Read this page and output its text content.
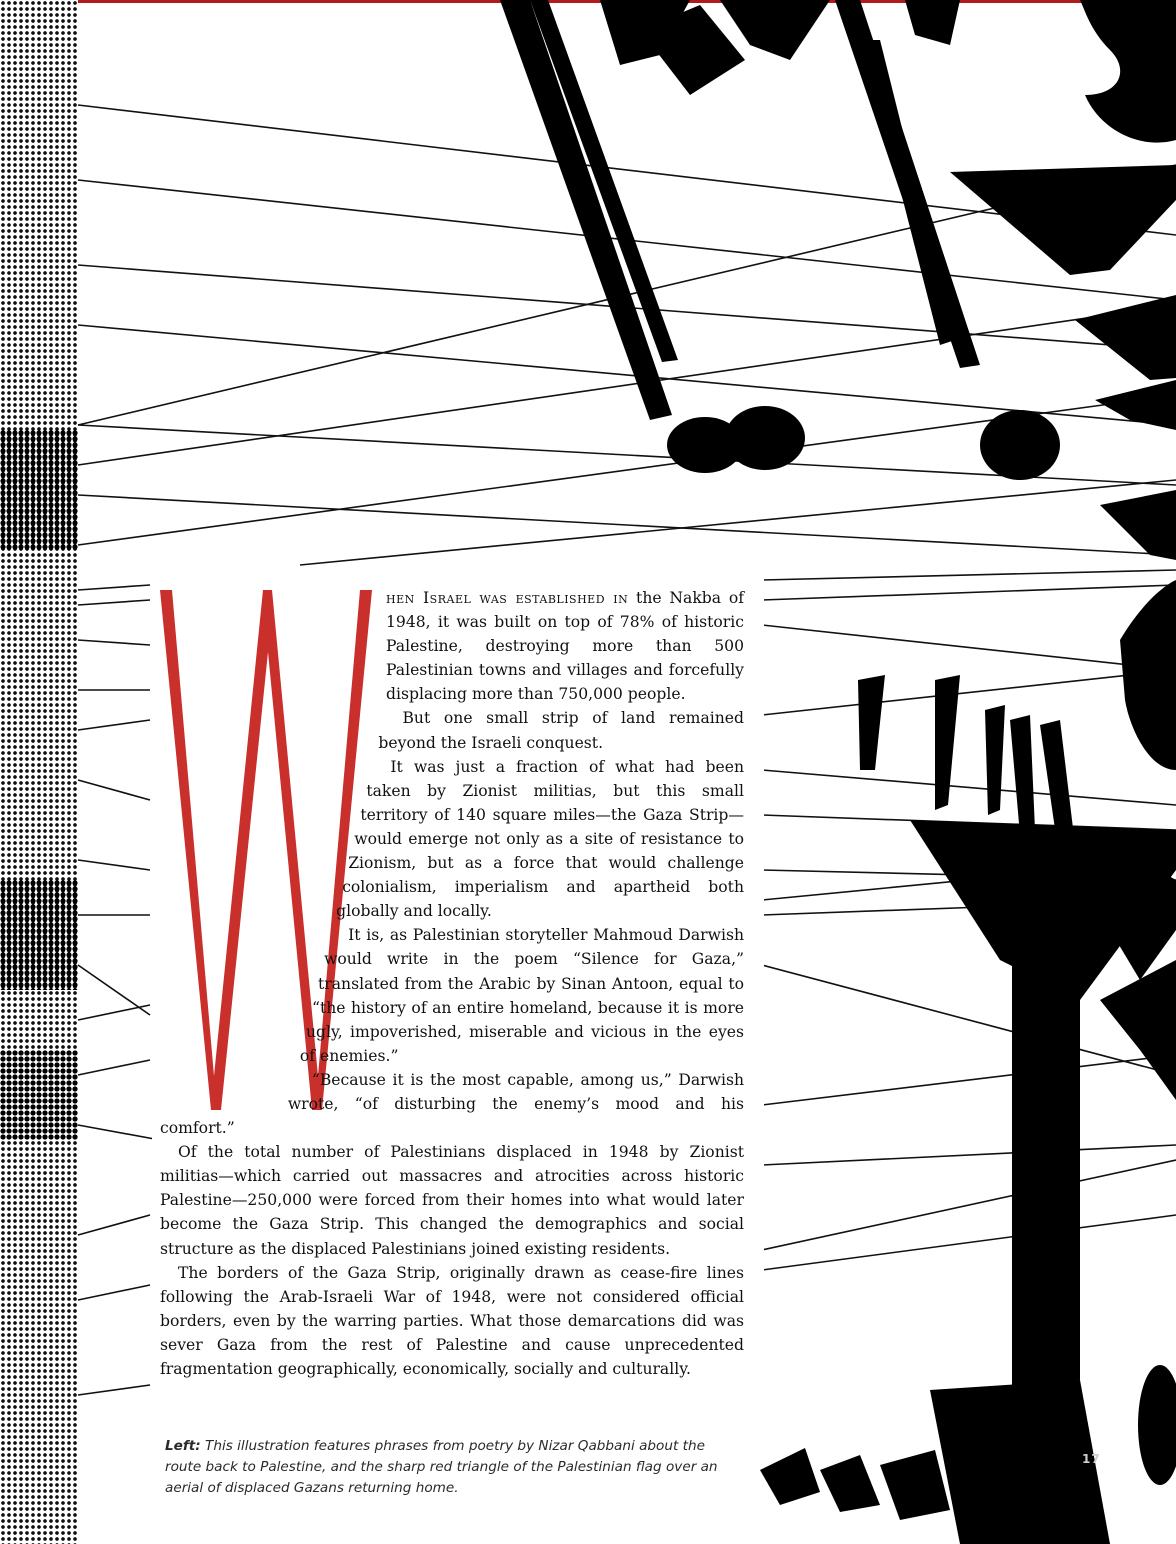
hen Israel was established in the Nakba of 1948, it was built on top of 78% of historic Palestine, destroying more than 500 Palestinian towns and villages and forcefully displacing more than 750,000 people.

But one small strip of land remained beyond the Israeli conquest.

It was just a fraction of what had been taken by Zionist militias, but this small territory of 140 square miles—the Gaza Strip—would emerge not only as a site of resistance to Zionism, but as a force that would challenge colonialism, imperialism and apartheid both globally and locally.

It is, as Palestinian storyteller Mahmoud Darwish would write in the poem “Silence for Gaza,” translated from the Arabic by Sinan Antoon, equal to “the history of an entire homeland, because it is more ugly, impoverished, miserable and vicious in the eyes of enemies.”

“Because it is the most capable, among us,” Darwish wrote, “of disturbing the enemy’s mood and his comfort.”

Of the total number of Palestinians displaced in 1948 by Zionist militias—which carried out massacres and atrocities across historic Palestine—250,000 were forced from their homes into what would later become the Gaza Strip. This changed the demographics and social structure as the displaced Palestinians joined existing residents.

The borders of the Gaza Strip, originally drawn as cease-fire lines following the Arab-Israeli War of 1948, were not considered official borders, even by the warring parties. What those demarcations did was sever Gaza from the rest of Palestine and cause unprecedented fragmentation geographically, economically, socially and culturally.

Left: This illustration features phrases from poetry by Nizar Qabbani about the route back to Palestine, and the sharp red triangle of the Palestinian flag over an aerial of displaced Gazans returning home.

17
